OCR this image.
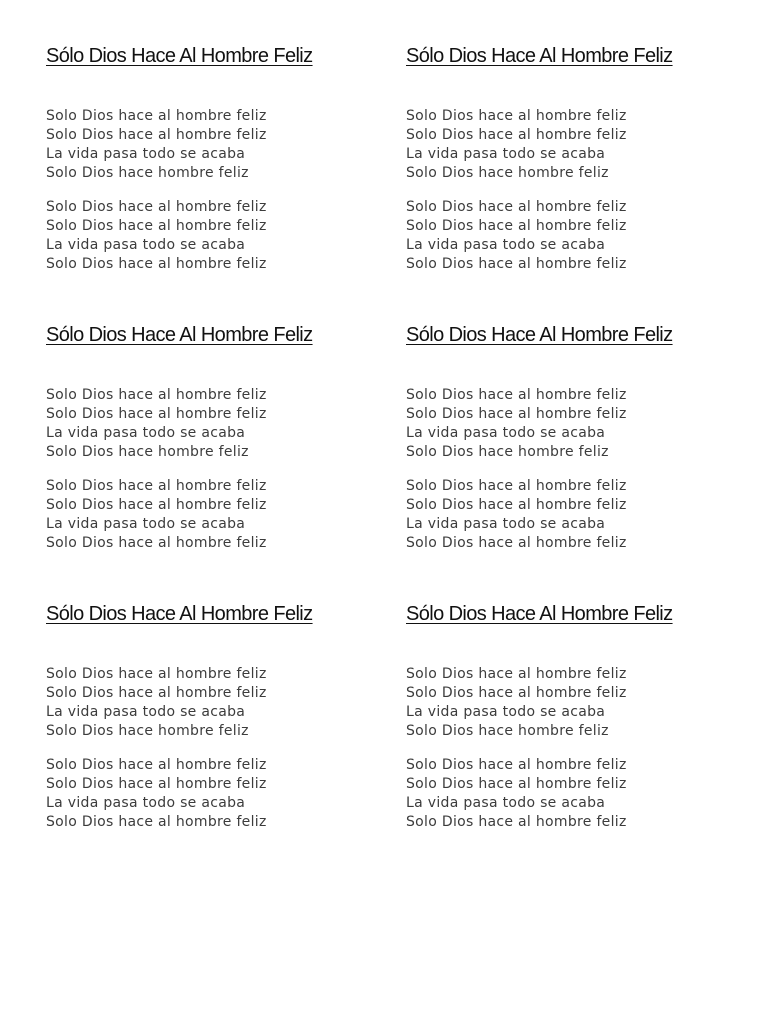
Sólo Dios Hace Al Hombre Feliz
Solo Dios hace al hombre feliz
Solo Dios hace al hombre feliz
La vida pasa todo se acaba
Solo Dios hace hombre feliz
Solo Dios hace al hombre feliz
Solo Dios hace al hombre feliz
La vida pasa todo se acaba
Solo Dios hace al hombre feliz
Sólo Dios Hace Al Hombre Feliz
Solo Dios hace al hombre feliz
Solo Dios hace al hombre feliz
La vida pasa todo se acaba
Solo Dios hace hombre feliz
Solo Dios hace al hombre feliz
Solo Dios hace al hombre feliz
La vida pasa todo se acaba
Solo Dios hace al hombre feliz
Sólo Dios Hace Al Hombre Feliz
Solo Dios hace al hombre feliz
Solo Dios hace al hombre feliz
La vida pasa todo se acaba
Solo Dios hace hombre feliz
Solo Dios hace al hombre feliz
Solo Dios hace al hombre feliz
La vida pasa todo se acaba
Solo Dios hace al hombre feliz
Sólo Dios Hace Al Hombre Feliz
Solo Dios hace al hombre feliz
Solo Dios hace al hombre feliz
La vida pasa todo se acaba
Solo Dios hace hombre feliz
Solo Dios hace al hombre feliz
Solo Dios hace al hombre feliz
La vida pasa todo se acaba
Solo Dios hace al hombre feliz
Sólo Dios Hace Al Hombre Feliz
Solo Dios hace al hombre feliz
Solo Dios hace al hombre feliz
La vida pasa todo se acaba
Solo Dios hace hombre feliz
Solo Dios hace al hombre feliz
Solo Dios hace al hombre feliz
La vida pasa todo se acaba
Solo Dios hace al hombre feliz
Sólo Dios Hace Al Hombre Feliz
Solo Dios hace al hombre feliz
Solo Dios hace al hombre feliz
La vida pasa todo se acaba
Solo Dios hace hombre feliz
Solo Dios hace al hombre feliz
Solo Dios hace al hombre feliz
La vida pasa todo se acaba
Solo Dios hace al hombre feliz
